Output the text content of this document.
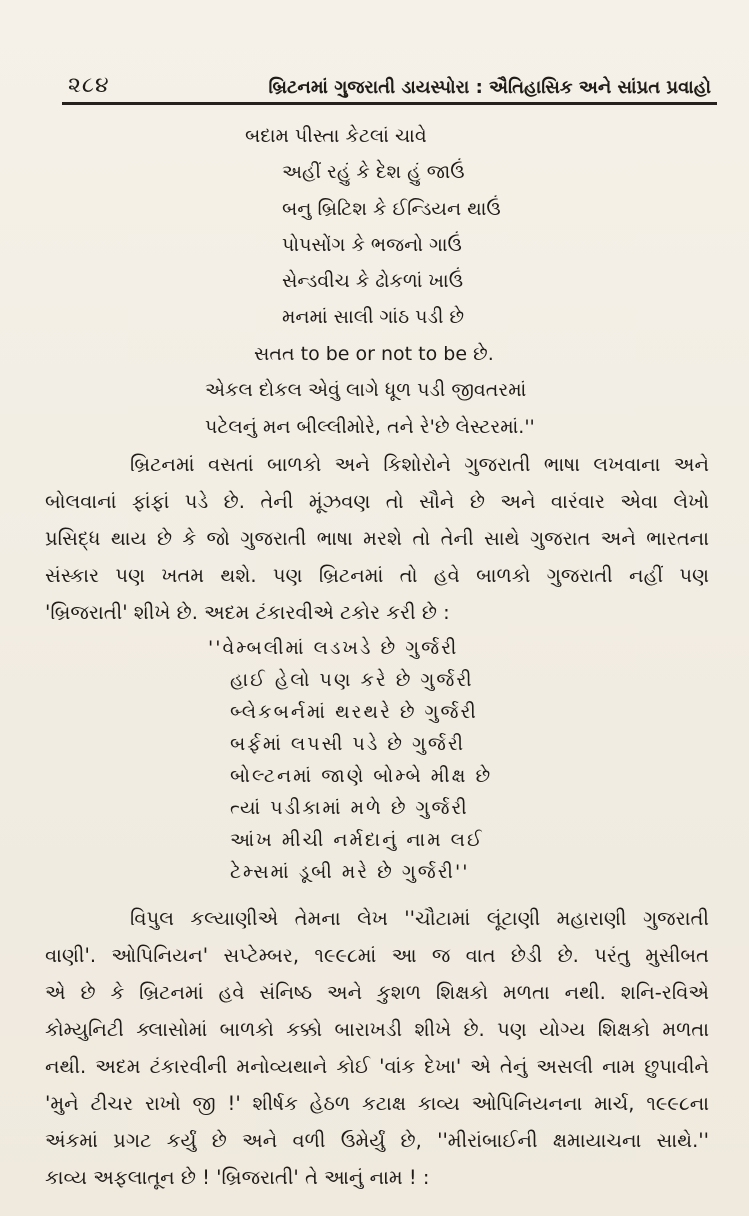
૨૮૪	બ્રિટનમાં ગુજરાતી ડાયસ્પોરા : ઐતિહાસિક અને સાંપ્રત પ્રવાહો
બદામ પીસ્તા કેટલાં ચાવે
અહીં રહું કે દેશ હું જાઉં
બનુ બ્રિટિશ કે ઈન્ડિયન થાઉં
પોપસોંગ કે ભજનો ગાઉં
સેન્ડવીચ કે ઢોકળાં ખાઉં
મનમાં સાલી ગાંઠ પડી છે
સતત to be or not to be છે.
એકલ દોકલ એવું લાગે ધૂળ પડી જીવતરમાં
પટેલનું મન બીલ્લીમોરે, તને રે'છે લેસ્ટરમાં.''
બ્રિટનમાં વસતાં બાળકો અને કિશોરોને ગુજરાતી ભાષા લખવાના અને
બોલવાનાં ફાંફાં પડે છે. તેની મૂંઝવણ તો સૌને છે અને વારંવાર એવા લેખો
પ્રસિદ્ધ થાય છે કે જો ગુજરાતી ભાષા મરશે તો તેની સાથે ગુજરાત અને ભારતના
સંસ્કાર પણ ખતમ થશે. પણ બ્રિટનમાં તો હવે બાળકો ગુજરાતી નહીં પણ
'બ્રિજરાતી' શીખે છે. અદમ ટંકારવીએ ટકોર કરી છે :
''વેમ્બલીમાં લડખડે છે ગુર્જરી
હાઈ હેલો પણ કરે છે ગુર્જરી
બ્લેકબર્નમાં થરથરે છે ગુર્જરી
બર્ફમાં લપસી પડે છે ગુર્જરી
બોલ્ટનમાં જાણે બોમ્બે મીક્ષ છે
ત્યાં પડીકામાં મળે છે ગુર્જરી
આંખ મીચી નર્મદાનું નામ લઈ
ટેમ્સમાં ડૂબી મરે છે ગુર્જરી''
વિપુલ કલ્યાણીએ તેમના લેખ ''ચૌટામાં લૂંટાણી મહારાણી ગુજરાતી
વાણી'. ઓપિનિયન' સપ્ટેમ્બર, ૧૯૯૮માં આ જ વાત છેડી છે. પરંતુ મુસીબત
એ છે કે બ્રિટનમાં હવે સંનિષ્ઠ અને કુશળ શિક્ષકો મળતા નથી. શનિ-રવિએ
કોમ્યુનિટી ક્લાસોમાં બાળકો કક્કો બારાખડી શીખે છે. પણ યોગ્ય શિક્ષકો મળતા
નથી. અદમ ટંકારવીની મનોવ્યથાને કોઈ 'વાંક દેખા' એ તેનું અસલી નામ છુપાવીને
'મુને ટીચર રાખો જી !' શીર્ષક હેઠળ કટાક્ષ કાવ્ય ઓપિનિયનના માર્ચ, ૧૯૯૮ના
અંકમાં પ્રગટ કર્યું છે અને વળી ઉમેર્યું છે, ''મીરાંબાઈની ક્ષમાયાચના સાથે.''
કાવ્ય અફલાતૂન છે ! 'બ્રિજરાતી' તે આનું નામ ! :
